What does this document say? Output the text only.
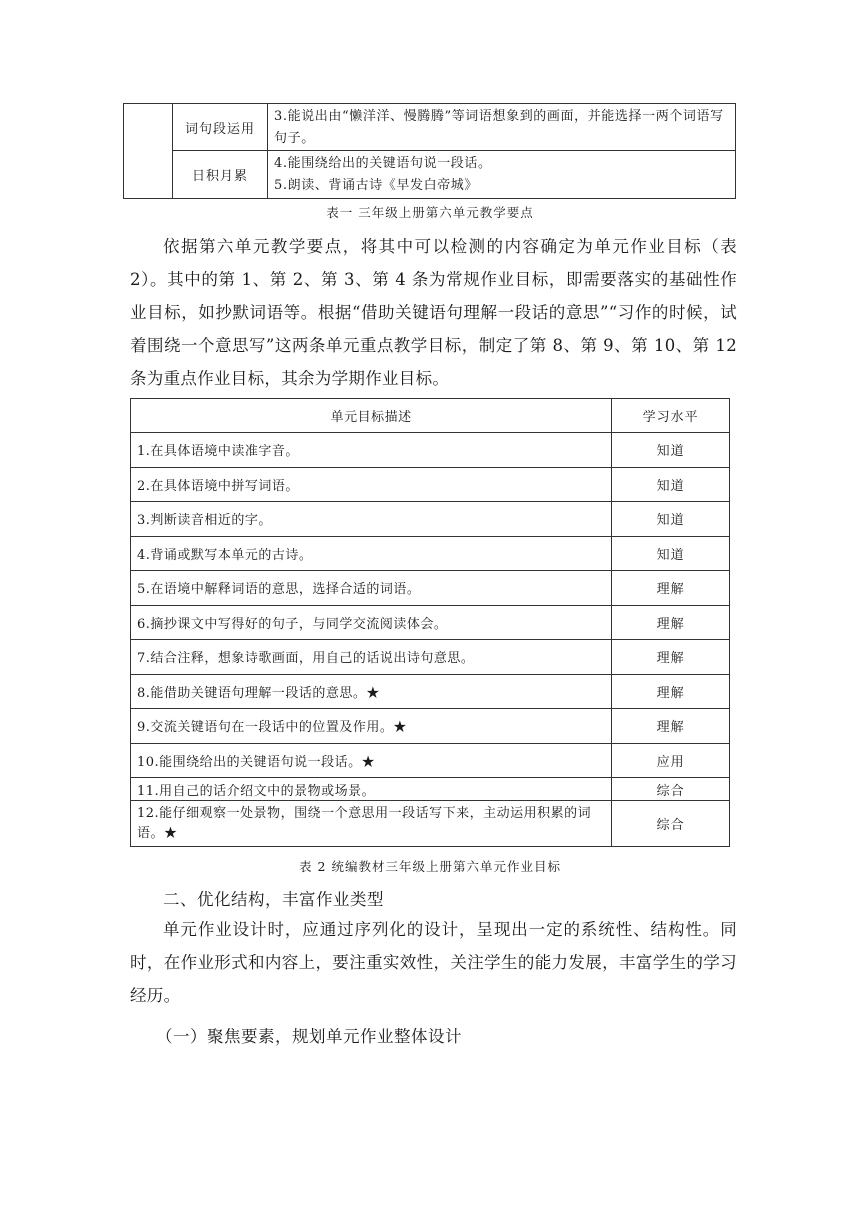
	词句段运用	3.能说出由“懒洋洋、慢腾腾”等词语想象到的画面，并能选择一两个词语写句子。

	日积月累	4.能围绕给出的关键语句说一段话。
5.朗读、背诵古诗《早发白帝城》
表一 三年级上册第六单元教学要点

依据第六单元教学要点，将其中可以检测的内容确定为单元作业目标（表 2）。其中的第 1、第 2、第 3、第 4 条为常规作业目标，即需要落实的基础性作业目标，如抄默词语等。根据“借助关键语句理解一段话的意思”“习作的时候，试着围绕一个意思写”这两条单元重点教学目标，制定了第 8、第 9、第 10、第 12 条为重点作业目标，其余为学期作业目标。

单元目标描述	学习水平
1.在具体语境中读准字音。	知道
2.在具体语境中拼写词语。	知道
3.判断读音相近的字。	知道
4.背诵或默写本单元的古诗。	知道
5.在语境中解释词语的意思，选择合适的词语。	理解
6.摘抄课文中写得好的句子，与同学交流阅读体会。	理解
7.结合注释，想象诗歌画面，用自己的话说出诗句意思。	理解
8.能借助关键语句理解一段话的意思。★	理解
9.交流关键语句在一段话中的位置及作用。★	理解
10.能围绕给出的关键语句说一段话。★	应用
11.用自己的话介绍文中的景物或场景。	综合
12.能仔细观察一处景物，围绕一个意思用一段话写下来，主动运用积累的词语。★	综合
表 2 统编教材三年级上册第六单元作业目标
二、优化结构，丰富作业类型

单元作业设计时，应通过序列化的设计，呈现出一定的系统性、结构性。同时，在作业形式和内容上，要注重实效性，关注学生的能力发展，丰富学生的学习经历。

（一）聚焦要素，规划单元作业整体设计
